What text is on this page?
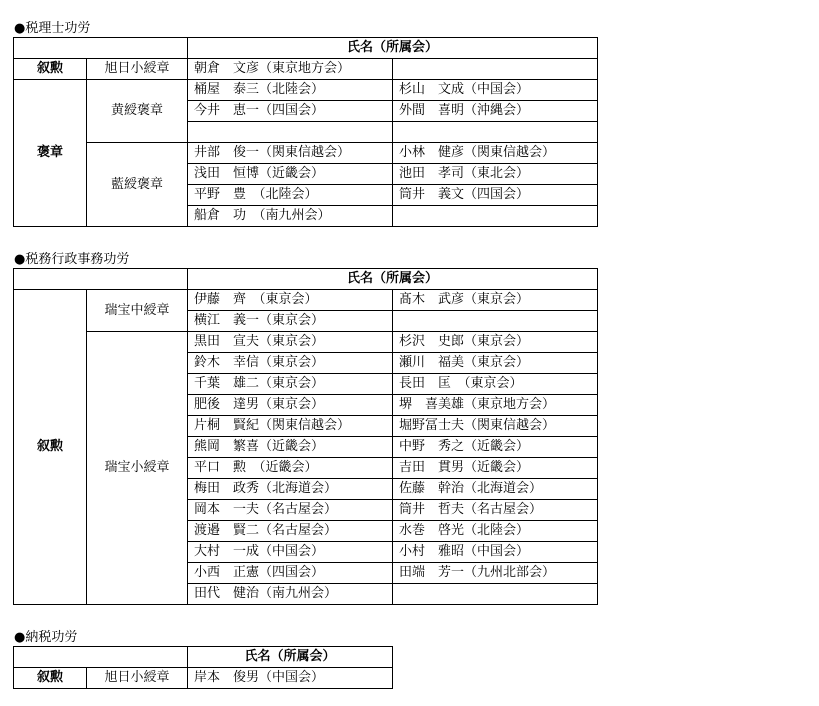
●税理士功労
		氏名（所属会）	
叙勲	旭日小綬章	朝倉　文彦（東京地方会）	
褒章	黄綬褒章	桶屋　泰三（北陸会）	杉山　文成（中国会）
		今井　恵一（四国会）	外間　喜明（沖縄会）

	藍綬褒章	井部　俊一（関東信越会）	小林　健彦（関東信越会）
		浅田　恒博（近畿会）	池田　孝司（東北会）
		平野　豊　（北陸会）	筒井　義文（四国会）
		船倉　功　（南九州会）	
●税務行政事務功労
		氏名（所属会）	
叙勲	瑞宝中綬章	伊藤　齊　（東京会）	髙木　武彦（東京会）
		横江　義一（東京会）	
	瑞宝小綬章	黒田　宣夫（東京会）	杉沢　史郎（東京会）
		鈴木　幸信（東京会）	瀬川　福美（東京会）
		千葉　雄二（東京会）	長田　匡　（東京会）
		肥後　達男（東京会）	堺　喜美雄（東京地方会）
		片桐　賢紀（関東信越会）	堀野冨士夫（関東信越会）
		熊岡　繁喜（近畿会）	中野　秀之（近畿会）
		平口　勲　（近畿会）	吉田　貫男（近畿会）
		梅田　政秀（北海道会）	佐藤　幹治（北海道会）
		岡本　一夫（名古屋会）	筒井　哲夫（名古屋会）
		渡邉　賢二（名古屋会）	水巻　啓光（北陸会）
		大村　一成（中国会）	小村　雅昭（中国会）
		小西　正憲（四国会）	田端　芳一（九州北部会）
		田代　健治（南九州会）	
●納税功労
		氏名（所属会）
叙勲	旭日小綬章	岸本　俊男（中国会）
